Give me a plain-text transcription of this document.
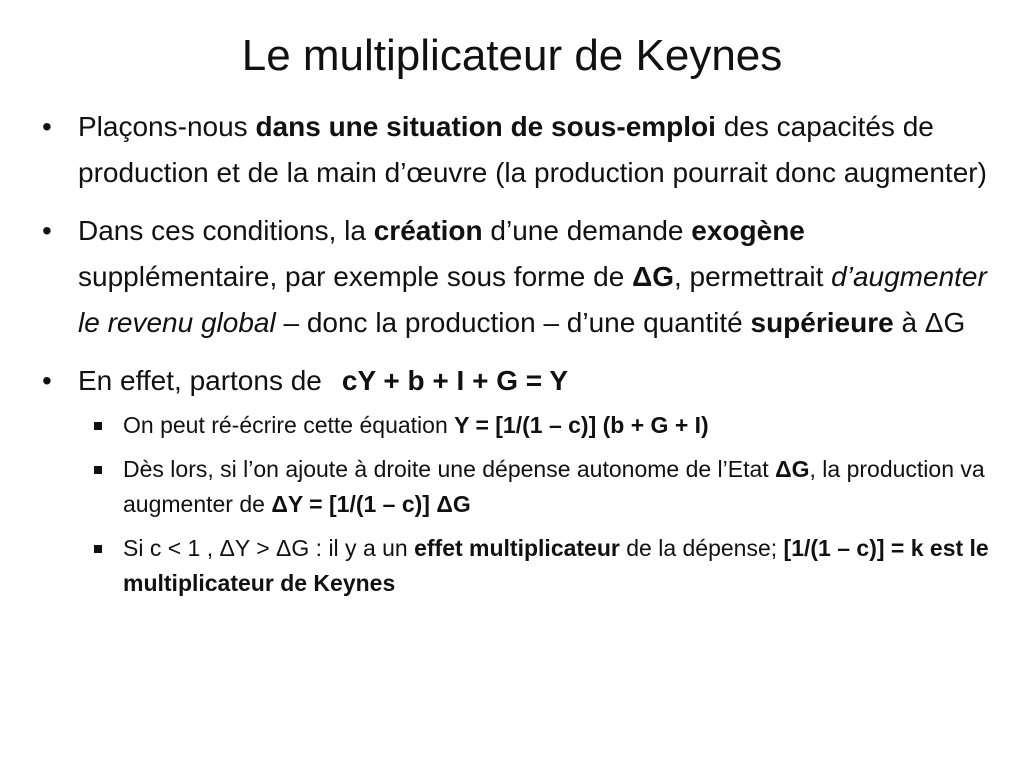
Le multiplicateur de Keynes
• Plaçons-nous dans une situation de sous-emploi des capacités de production et de la main d’œuvre (la production pourrait donc augmenter)
• Dans ces conditions, la création d’une demande exogène supplémentaire, par exemple sous forme de ΔG, permettrait d’augmenter le revenu global – donc la production – d’une quantité supérieure à ΔG
• En effet, partons de cY + b + I + G = Y
On peut ré-écrire cette équation Y = [1/(1 – c)] (b + G + I)
Dès lors, si l’on ajoute à droite une dépense autonome de l’Etat ΔG, la production va augmenter de ΔY = [1/(1 – c)] ΔG
Si c < 1 , ΔY > ΔG : il y a un effet multiplicateur de la dépense; [1/(1 – c)] = k est le multiplicateur de Keynes
